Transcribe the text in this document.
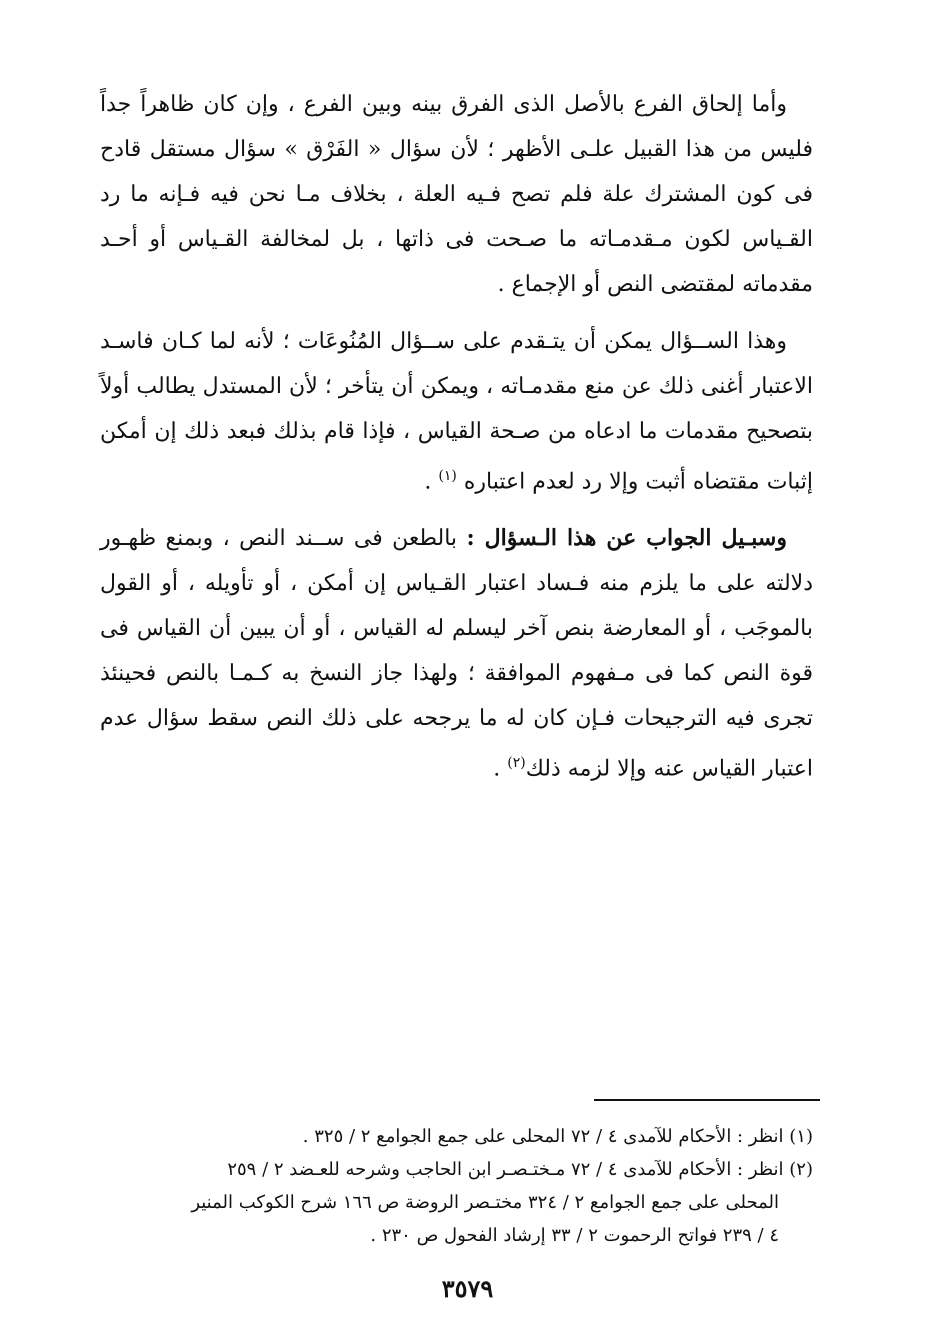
وأما إلحاق الفرع بالأصل الذى الفرق بينه وبين الفرع ، وإن كان ظاهراً جداً فليس من هذا القبيل علـى الأظهر ؛ لأن سؤال « الفَرْق » سؤال مستقل قادح فى كون المشترك علة فلم تصح فـيه العلة ، بخلاف مـا نحن فيه فـإنه ما رد القـياس لكون مـقدمـاته ما صـحت فى ذاتها ، بل لمخالفة القـياس أو أحـد مقدماته لمقتضى النص أو الإجماع .

وهذا الســؤال يمكن أن يتـقدم على ســؤال المُنُوعَات ؛ لأنه لما كـان فاسـد الاعتبار أغنى ذلك عن منع مقدمـاته ، ويمكن أن يتأخر ؛ لأن المستدل يطالب أولاً بتصحيح مقدمات ما ادعاه من صـحة القياس ، فإذا قام بذلك فبعد ذلك إن أمكن إثبات مقتضاه أثبت وإلا رد لعدم اعتباره $^{(١)}$ .

وسبـيل الجواب عن هذا الـسؤال : بالطعن فى ســند النص ، وبمنع ظهـور دلالته على ما يلزم منه فـساد اعتبار القـياس إن أمكن ، أو تأويله ، أو القول بالموجَب ، أو المعارضة بنص آخر ليسلم له القياس ، أو أن يبين أن القياس فى قوة النص كما فى مـفهوم الموافقة ؛ ولهذا جاز النسخ به كـمـا بالنص فحينئذ تجرى فيه الترجيحات فـإن كان له ما يرجحه على ذلك النص سقط سؤال عدم اعتبار القياس عنه وإلا لزمه ذلك$^{(٢)}$ .

(١) انظر : الأحكام للآمدى ٤ / ٧٢ المحلى على جمع الجوامع ٢ / ٣٢٥ .

(٢) انظر : الأحكام للآمدى ٤ / ٧٢ مـختـصـر ابن الحاجب وشرحه للعـضد ٢ / ٢٥٩

المحلى على جمع الجوامع ٢ / ٣٢٤ مختـصر الروضة ص ١٦٦ شرح الكوكب المنير

٤ / ٢٣٩ فواتح الرحموت ٢ / ٣٣ إرشاد الفحول ص ٢٣٠ .

٣٥٧٩
